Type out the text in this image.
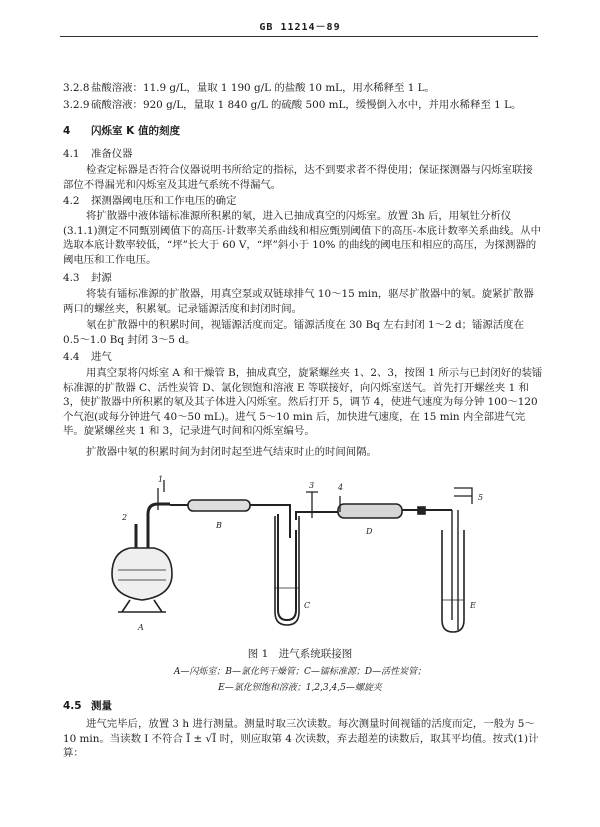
GB 11214－89

3.2.8 盐酸溶液：11.9 g/L，量取 1 190 g/L 的盐酸 10 mL，用水稀释至 1 L。

3.2.9 硫酸溶液：920 g/L，量取 1 840 g/L 的硫酸 500 mL，缓慢倒入水中，并用水稀释至 1 L。

4 闪烁室 K 值的刻度

4.1 准备仪器

检查定标器是否符合仪器说明书所给定的指标，达不到要求者不得使用；保证探测器与闪烁室联接部位不得漏光和闪烁室及其进气系统不得漏气。

4.2 探测器阈电压和工作电压的确定

将扩散器中液体镭标准源所积累的氡，进入已抽成真空的闪烁室。放置 3h 后，用氡钍分析仪(3.1.1)测定不同甄别阈值下的高压-计数率关系曲线和相应甄别阈值下的高压-本底计数率关系曲线。从中选取本底计数率较低，“坪”长大于 60 V，“坪”斜小于 10% 的曲线的阈电压和相应的高压，为探测器的阈电压和工作电压。

4.3 封源

将装有镭标准源的扩散器，用真空泵或双链球排气 10～15 min，驱尽扩散器中的氡。旋紧扩散器两口的螺丝夹，积累氡。记录镭源活度和封闭时间。

氡在扩散器中的积累时间，视镭源活度而定。镭源活度在 30 Bq 左右封闭 1～2 d；镭源活度在 0.5～1.0 Bq 封闭 3～5 d。

4.4 进气

用真空泵将闪烁室 A 和干燥管 B，抽成真空，旋紧螺丝夹 1、2、3，按图 1 所示与已封闭好的装镭标准源的扩散器 C、活性炭管 D、氯化钡饱和溶液 E 等联接好，向闪烁室送气。首先打开螺丝夹 1 和 3，使扩散器中所积累的氡及其子体进入闪烁室。然后打开 5，调节 4，使进气速度为每分钟 100～120 个气泡(或每分钟进气 40～50 mL)。进气 5～10 min 后，加快进气速度，在 15 min 内全部进气完毕。旋紧螺丝夹 1 和 3，记录进气时间和闪烁室编号。

扩散器中氡的积累时间为封闭时起至进气结束时止的时间间隔。

1
2
3	4
5
A
B
C
D
E
图 1　进气系统联接图
A—闪烁室；B—氯化钙干燥管；C—镭标准源；D—活性炭管；
E—氯化钡饱和溶液；1,2,3,4,5—螺旋夹

4.5 测量

进气完毕后，放置 3 h 进行测量。测量时取三次读数。每次测量时间视镭的活度而定，一般为 5～10 min。当读数 I 不符合 Ī ± √Ī 时，则应取第 4 次读数，弃去超差的读数后，取其平均值。按式(1)计算：
